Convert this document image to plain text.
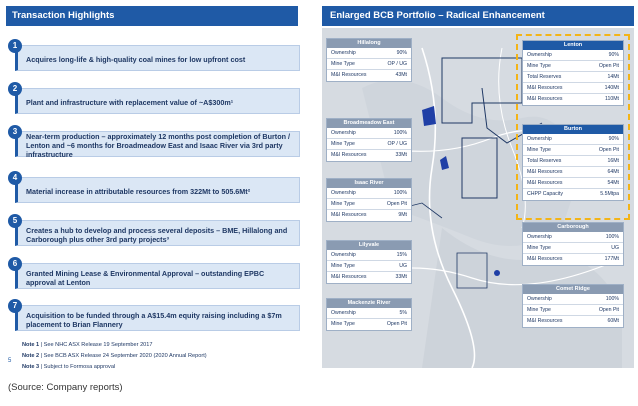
Transaction Highlights
Acquires long-life & high-quality coal mines for low upfront cost
1
Plant and infrastructure with replacement value of ~A$300m¹
2
Near-term production – approximately 12 months post completion of Burton / Lenton and ~6 months for Broadmeadow East and Isaac River via 3rd party infrastructure
3
Material increase in attributable resources from 322Mt to 505.6Mt²
4
Creates a hub to develop and process several deposits – BME, Hillalong and Carborough plus other 3rd party projects³
5
Granted Mining Lease & Environmental Approval – outstanding EPBC approval at Lenton
6
Acquisition to be funded through a A$15.4m equity raising including a $7m placement to Brian Flannery
7
Note 1 | See NHC ASX Release 19 September 2017
Note 2 | See BCB ASX Release 24 September 2020 (2020 Annual Report)
Note 3 | Subject to Formosa approval
5
(Source: Company reports)
Enlarged BCB Portfolio – Radical Enhancement
Hillalong
Ownership	90%
Mine Type	OP / UG
M&I Resources	43Mt
Broadmeadow East
Ownership	100%
Mine Type	OP / UG
M&I Resources	33Mt
Isaac River
Ownership	100%
Mine Type	Open Pit
M&I Resources	9Mt
Lilyvale
Ownership	15%
Mine Type	UG
M&I Resources	33Mt
Mackenzie River
Ownership	5%
Mine Type	Open Pit
Lenton
Ownership	90%
Mine Type	Open Pit
Total Reserves	14Mt
M&I Resources	140Mt
M&I Resources	110Mt
Burton
Ownership	90%
Mine Type	Open Pit
Total Reserves	16Mt
M&I Resources	64Mt
M&I Resources	54Mt
CHPP Capacity	5.5Mtpa
Carborough
Ownership	100%
Mine Type	UG
M&I Resources	177Mt
Comet Ridge
Ownership	100%
Mine Type	Open Pit
M&I Resources	60Mt
